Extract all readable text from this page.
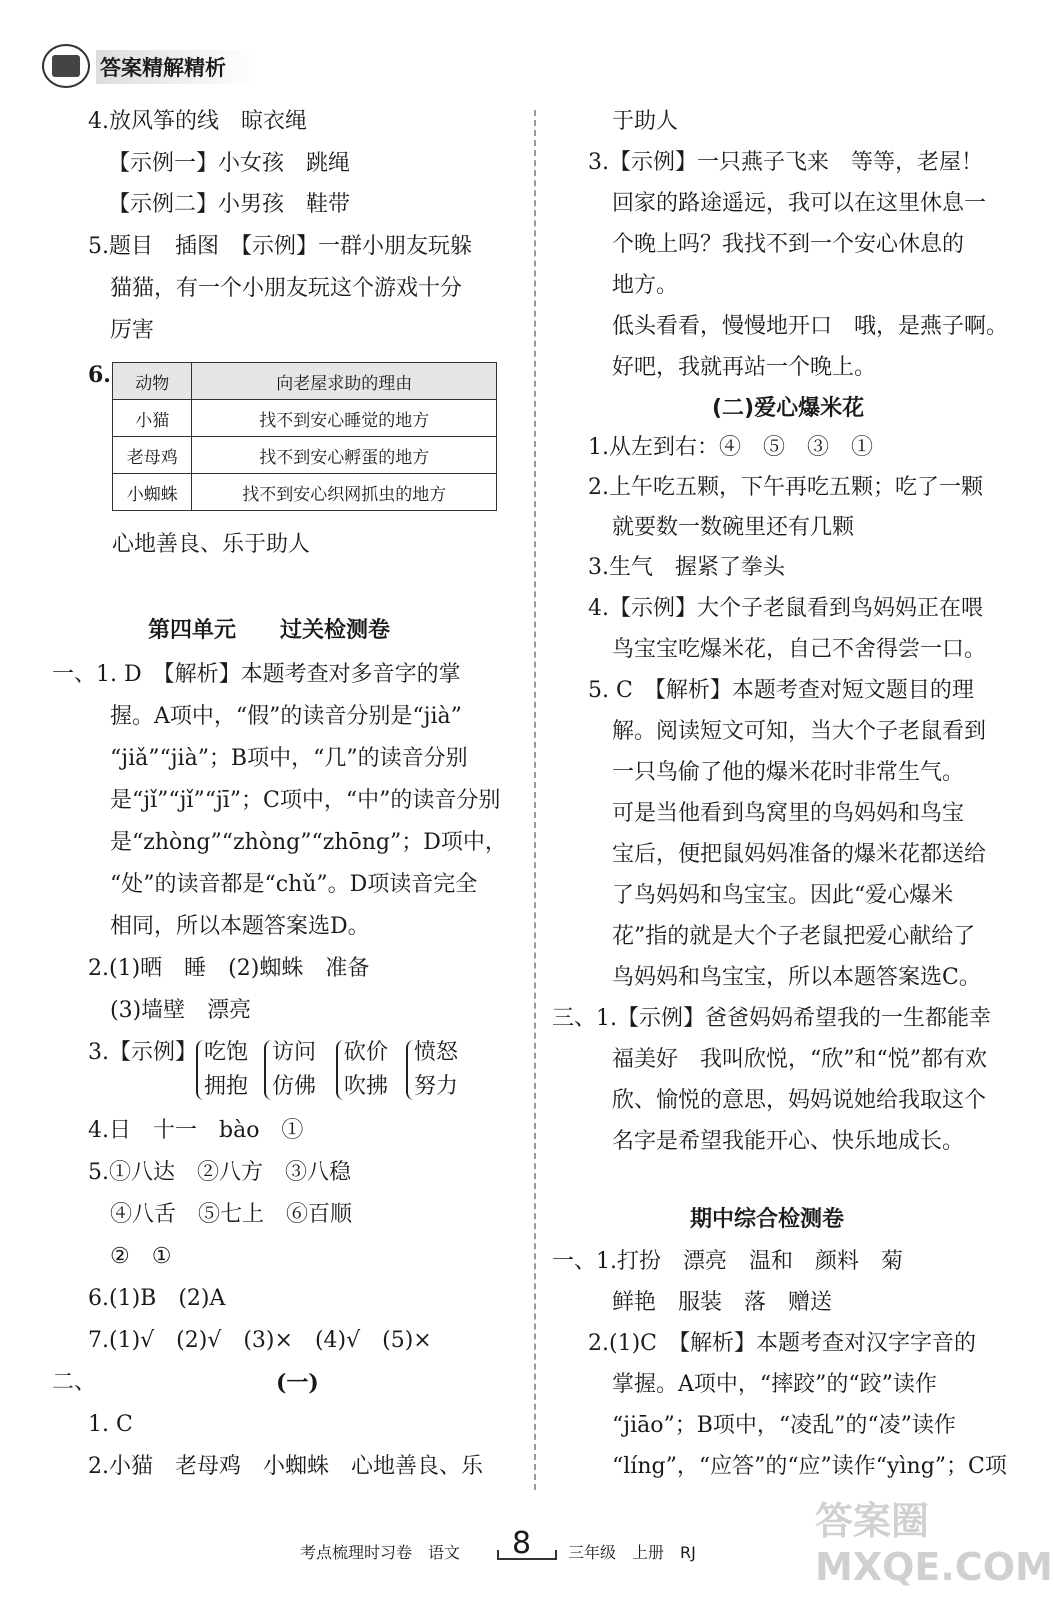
答案精解精析
4.放风筝的线　晾衣绳
【示例一】小女孩　跳绳
【示例二】小男孩　鞋带
5.题目　插图　【示例】一群小朋友玩躲
猫猫，有一个小朋友玩这个游戏十分
厉害
6. 动物	向老屋求助的理由
小猫	找不到安心睡觉的地方
老母鸡	找不到安心孵蛋的地方
小蜘蛛	找不到安心织网抓虫的地方
心地善良、乐于助人
第四单元　　过关检测卷
一、1. D　【解析】本题考查对多音字的掌
握。A项中，“假”的读音分别是“jià”
“jiǎ”“jià”；B项中，“几”的读音分别
是“jǐ”“jǐ”“jī”；C项中，“中”的读音分别
是“zhòng”“zhòng”“zhōng”；D项中，
“处”的读音都是“chǔ”。D项读音完全
相同，所以本题答案选D。
2.(1)晒　睡　(2)蜘蛛　准备
(3)墙壁　漂亮
3.【示例】 吃饱
拥抱
访问
仿佛
砍价
吹拂
愤怒
努力
4.日　十一　bào　①
5.①八达　②八方　③八稳
④八舌　⑤七上　⑥百顺
②　①
6.(1)B　(2)A
7.(1)√　(2)√　(3)×　(4)√　(5)×
二、	(一)
1. C
2.小猫　老母鸡　小蜘蛛　心地善良、乐
于助人
3.【示例】一只燕子飞来　等等，老屋！
回家的路途遥远，我可以在这里休息一
个晚上吗？我找不到一个安心休息的
地方。
低头看看，慢慢地开口　哦，是燕子啊。
好吧，我就再站一个晚上。
(二)爱心爆米花
1.从左到右：④　⑤　③　①
2.上午吃五颗，下午再吃五颗；吃了一颗
就要数一数碗里还有几颗
3.生气　握紧了拳头
4.【示例】大个子老鼠看到鸟妈妈正在喂
鸟宝宝吃爆米花，自己不舍得尝一口。
5. C　【解析】本题考查对短文题目的理
解。阅读短文可知，当大个子老鼠看到
一只鸟偷了他的爆米花时非常生气。
可是当他看到鸟窝里的鸟妈妈和鸟宝
宝后，便把鼠妈妈准备的爆米花都送给
了鸟妈妈和鸟宝宝。因此“爱心爆米
花”指的就是大个子老鼠把爱心献给了
鸟妈妈和鸟宝宝，所以本题答案选C。
三、1.【示例】爸爸妈妈希望我的一生都能幸
福美好　我叫欣悦，“欣”和“悦”都有欢
欣、愉悦的意思，妈妈说她给我取这个
名字是希望我能开心、快乐地成长。
期中综合检测卷
一、1.打扮　漂亮　温和　颜料　菊
鲜艳　服装　落　赠送
2.(1)C　【解析】本题考查对汉字字音的
掌握。A项中，“摔跤”的“跤”读作
“jiāo”；B项中，“凌乱”的“凌”读作
“líng”，“应答”的“应”读作“yìng”；C项
考点梳理时习卷　语文 8 三年级　上册　RJ
答案圈 MXQE.COM
